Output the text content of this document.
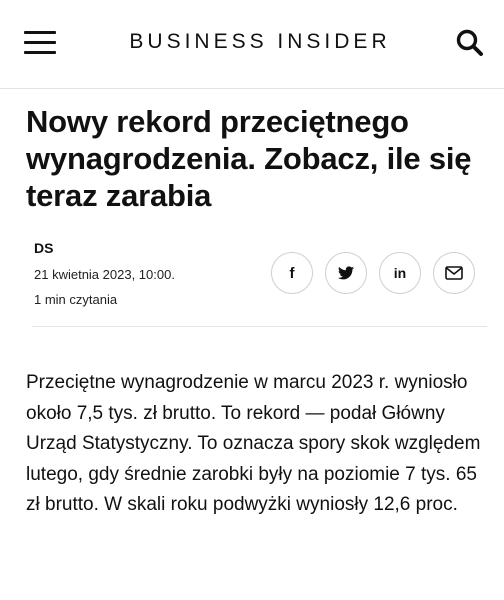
BUSINESS INSIDER
Nowy rekord przeciętnego wynagrodzenia. Zobacz, ile się teraz zarabia
DS
21 kwietnia 2023, 10:00.
1 min czytania
f	in

Przeciętne wynagrodzenie w marcu 2023 r. wyniosło około 7,5 tys. zł brutto. To rekord — podał Główny Urząd Statystyczny. To oznacza spory skok względem lutego, gdy średnie zarobki były na poziomie 7 tys. 65 zł brutto. W skali roku podwyżki wyniosły 12,6 proc.
